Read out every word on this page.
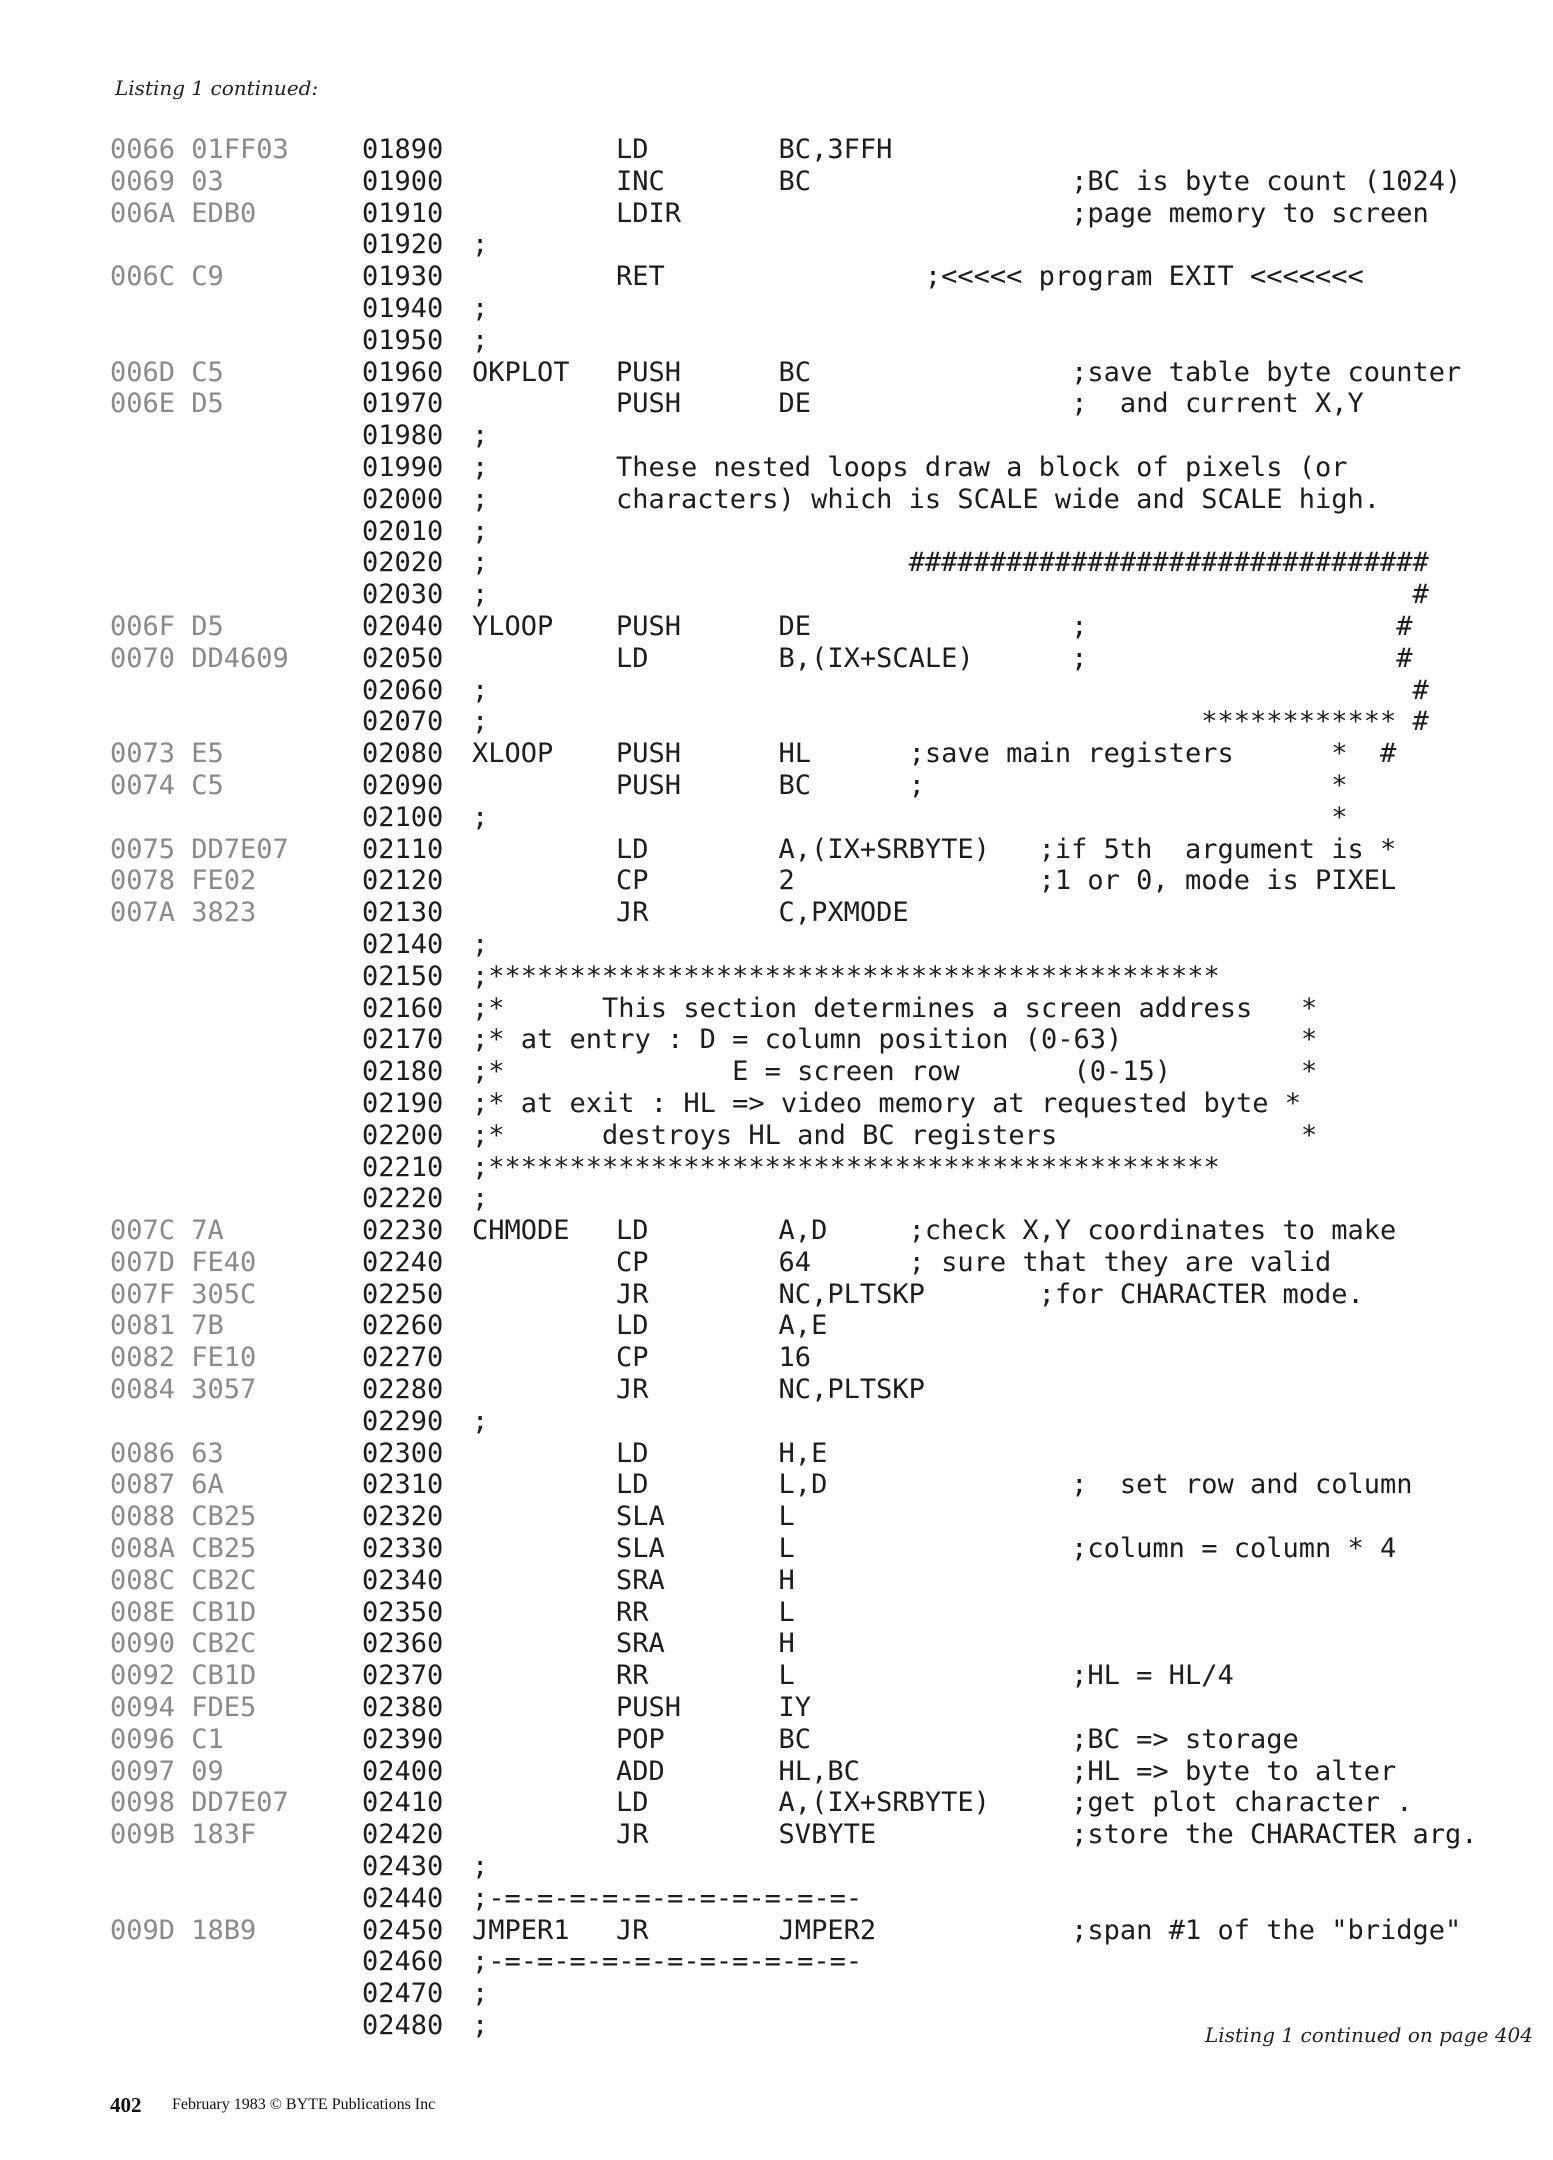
Listing 1 continued:
0066 01FF03	01890	LD        BC,3FFH
0069 03	01900	INC       BC                ;BC is byte count (1024)
006A EDB0	01910	LDIR                        ;page memory to screen
01920 ;
006C C9	01930	RET                ;<<<<< program EXIT <<<<<<<
01940 ;
01950 ;
006D C5	01960 OKPLOT PUSH      BC                ;save table byte counter
006E D5	01970	PUSH      DE                ;  and current X,Y
01980 ;
01990 ;	These nested loops draw a block of pixels (or
02000 ;	characters) which is SCALE wide and SCALE high.
02010 ;
02020 ;	################################
02030 ;	#
006F D5	02040 YLOOP PUSH      DE                ;                   #
0070 DD4609	02050	LD        B,(IX+SCALE)      ;                   #
02060 ;	#
02070 ;	************ #
0073 E5	02080 XLOOP PUSH      HL      ;save main registers      *  #
0074 C5	02090	PUSH      BC      ;                         *
02100 ;	*
0075 DD7E07	02110	LD        A,(IX+SRBYTE)   ;if 5th  argument is *
0078 FE02	02120	CP        2               ;1 or 0, mode is PIXEL
007A 3823	02130	JR        C,PXMODE
02140 ;
02150 ;*********************************************
02160 ;*      This section determines a screen address   *
02170 ;* at entry : D = column position (0-63)           *
02180 ;*              E = screen row       (0-15)        *
02190 ;* at exit : HL => video memory at requested byte *
02200 ;*      destroys HL and BC registers               *
02210 ;*********************************************
02220 ;
007C 7A	02230 CHMODE LD        A,D     ;check X,Y coordinates to make
007D FE40	02240	CP        64      ; sure that they are valid
007F 305C	02250	JR        NC,PLTSKP       ;for CHARACTER mode.
0081 7B	02260	LD        A,E
0082 FE10	02270	CP        16
0084 3057	02280	JR        NC,PLTSKP
02290 ;
0086 63	02300	LD        H,E
0087 6A	02310	LD        L,D               ;  set row and column
0088 CB25	02320	SLA       L
008A CB25	02330	SLA       L                 ;column = column * 4
008C CB2C	02340	SRA       H
008E CB1D	02350	RR        L
0090 CB2C	02360	SRA       H
0092 CB1D	02370	RR        L                 ;HL = HL/4
0094 FDE5	02380	PUSH      IY
0096 C1	02390	POP       BC                ;BC => storage
0097 09	02400	ADD       HL,BC             ;HL => byte to alter
0098 DD7E07	02410	LD        A,(IX+SRBYTE)     ;get plot character .
009B 183F	02420	JR        SVBYTE            ;store the CHARACTER arg.
02430 ;
02440 ;-=-=-=-=-=-=-=-=-=-=-=-
009D 18B9	02450 JMPER1 JR        JMPER2            ;span #1 of the "bridge"
02460 ;-=-=-=-=-=-=-=-=-=-=-=-
02470 ;
02480 ;	Listing 1 continued on page 404
402 February 1983 © BYTE Publications Inc
